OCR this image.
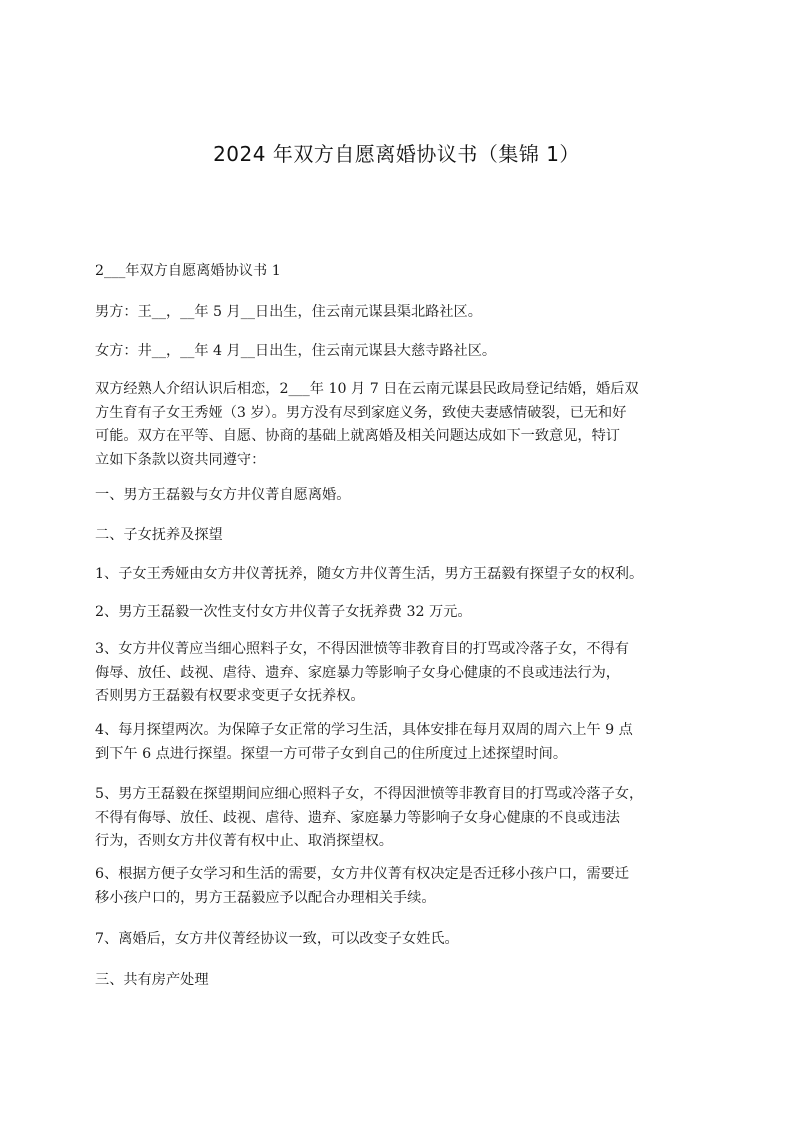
2024 年双方自愿离婚协议书（集锦 1）
2___年双方自愿离婚协议书 1
男方：王__，__年 5 月__日出生，住云南元谋县渠北路社区。
女方：井__，__年 4 月__日出生，住云南元谋县大慈寺路社区。
双方经熟人介绍认识后相恋，2___年 10 月 7 日在云南元谋县民政局登记结婚，婚后双
方生育有子女王秀娅（3 岁）。男方没有尽到家庭义务，致使夫妻感情破裂，已无和好
可能。双方在平等、自愿、协商的基础上就离婚及相关问题达成如下一致意见，特订
立如下条款以资共同遵守：
一、男方王磊毅与女方井仪菁自愿离婚。
二、子女抚养及探望
1、子女王秀娅由女方井仪菁抚养，随女方井仪菁生活，男方王磊毅有探望子女的权利。
2、男方王磊毅一次性支付女方井仪菁子女抚养费 32 万元。
3、女方井仪菁应当细心照料子女，不得因泄愤等非教育目的打骂或冷落子女，不得有
侮辱、放任、歧视、虐待、遗弃、家庭暴力等影响子女身心健康的不良或违法行为，
否则男方王磊毅有权要求变更子女抚养权。
4、每月探望两次。为保障子女正常的学习生活，具体安排在每月双周的周六上午 9 点
到下午 6 点进行探望。探望一方可带子女到自己的住所度过上述探望时间。
5、男方王磊毅在探望期间应细心照料子女，不得因泄愤等非教育目的打骂或冷落子女，
不得有侮辱、放任、歧视、虐待、遗弃、家庭暴力等影响子女身心健康的不良或违法
行为，否则女方井仪菁有权中止、取消探望权。
6、根据方便子女学习和生活的需要，女方井仪菁有权决定是否迁移小孩户口，需要迁
移小孩户口的，男方王磊毅应予以配合办理相关手续。
7、离婚后，女方井仪菁经协议一致，可以改变子女姓氏。
三、共有房产处理
